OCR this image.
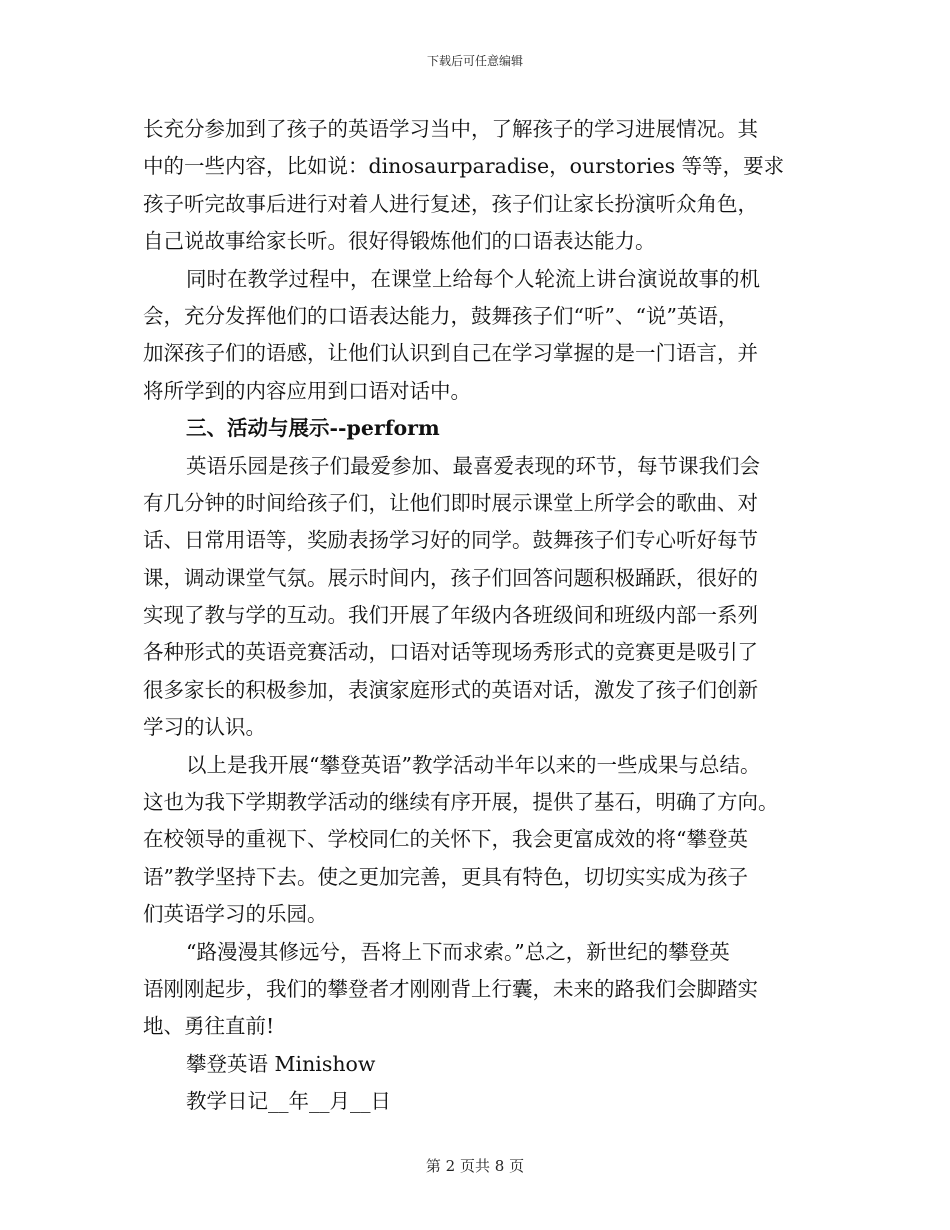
下载后可任意编辑
长充分参加到了孩子的英语学习当中，了解孩子的学习进展情况。其
中的一些内容，比如说：dinosaurparadise，ourstories 等等，要求
孩子听完故事后进行对着人进行复述，孩子们让家长扮演听众角色，
自己说故事给家长听。很好得锻炼他们的口语表达能力。
同时在教学过程中，在课堂上给每个人轮流上讲台演说故事的机
会，充分发挥他们的口语表达能力，鼓舞孩子们“听”、“说”英语，
加深孩子们的语感，让他们认识到自己在学习掌握的是一门语言，并
将所学到的内容应用到口语对话中。
三、活动与展示--perform
英语乐园是孩子们最爱参加、最喜爱表现的环节，每节课我们会
有几分钟的时间给孩子们，让他们即时展示课堂上所学会的歌曲、对
话、日常用语等，奖励表扬学习好的同学。鼓舞孩子们专心听好每节
课，调动课堂气氛。展示时间内，孩子们回答问题积极踊跃，很好的
实现了教与学的互动。我们开展了年级内各班级间和班级内部一系列
各种形式的英语竞赛活动，口语对话等现场秀形式的竞赛更是吸引了
很多家长的积极参加，表演家庭形式的英语对话，激发了孩子们创新
学习的认识。
以上是我开展“攀登英语”教学活动半年以来的一些成果与总结。
这也为我下学期教学活动的继续有序开展，提供了基石，明确了方向。
在校领导的重视下、学校同仁的关怀下，我会更富成效的将“攀登英
语”教学坚持下去。使之更加完善，更具有特色，切切实实成为孩子
们英语学习的乐园。
“路漫漫其修远兮，吾将上下而求索。”总之，新世纪的攀登英
语刚刚起步，我们的攀登者才刚刚背上行囊，未来的路我们会脚踏实
地、勇往直前!
攀登英语 Minishow
教学日记__年__月__日
第 2 页共 8 页
